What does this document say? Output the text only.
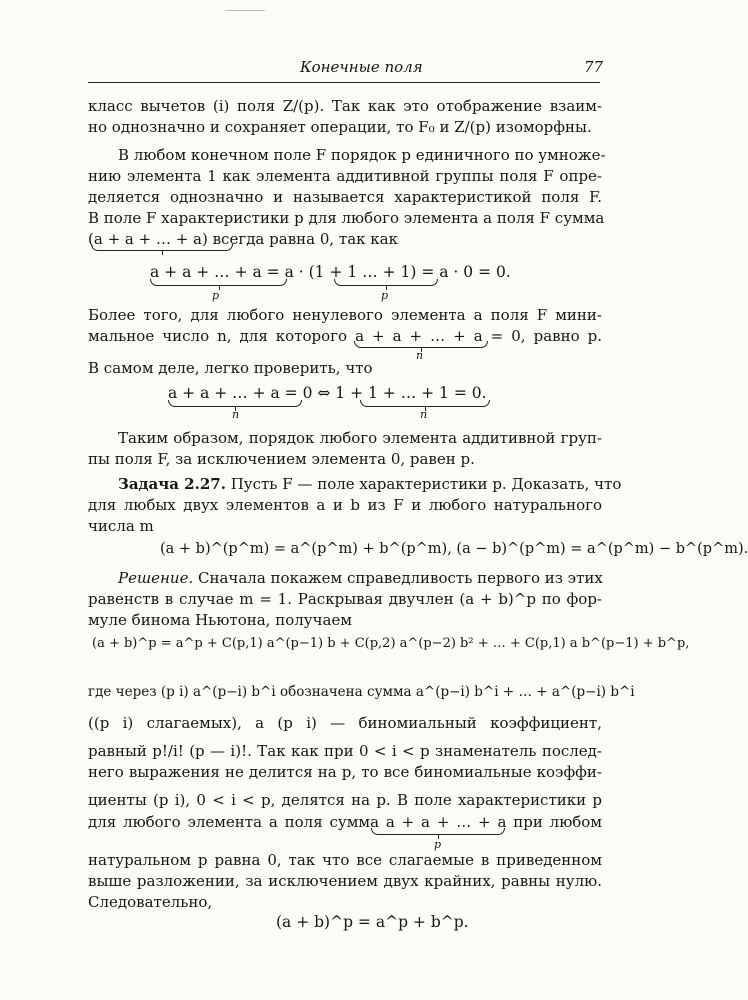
Конечные поля	77
класс вычетов (i) поля Z/(p). Так как это отображение взаим-
но однозначно и сохраняет операции, то F₀ и Z/(p) изоморфны.
В любом конечном поле F порядок p единичного по умноже-
нию элемента 1 как элемента аддитивной группы поля F опре-
деляется однозначно и называется характеристикой поля F.
В поле F характеристики p для любого элемента a поля F сумма
(a + a + … + a) всегда равна 0, так как
a + a + … + a = a · (1 + 1 … + 1) = a · 0 = 0.
p	p
Более того, для любого ненулевого элемента a поля F мини-
мальное число n, для которого a + a + … + a = 0, равно p.
n
В самом деле, легко проверить, что
a + a + … + a = 0 ⇔ 1 + 1 + … + 1 = 0.
n	n
Таким образом, порядок любого элемента аддитивной груп-
пы поля F, за исключением элемента 0, равен p.
Задача 2.27. Пусть F — поле характеристики p. Доказать, что
для любых двух элементов a и b из F и любого натурального
числа m
(a + b)^(p^m) = a^(p^m) + b^(p^m), (a − b)^(p^m) = a^(p^m) − b^(p^m).
Решение. Сначала покажем справедливость первого из этих
равенств в случае m = 1. Раскрывая двучлен (a + b)^p по фор-
муле бинома Ньютона, получаем
(a + b)^p = a^p + C(p,1) a^(p−1) b + C(p,2) a^(p−2) b² + … + C(p,1) a b^(p−1) + b^p,
где через (p i) a^(p−i) b^i обозначена сумма a^(p−i) b^i + … + a^(p−i) b^i
((p i) слагаемых), а (p i) — биномиальный коэффициент,
равный p!/i! (p — i)!. Так как при 0 < i < p знаменатель послед-
него выражения не делится на p, то все биномиальные коэффи-
циенты (p i), 0 < i < p, делятся на p. В поле характеристики p
для любого элемента a поля сумма a + a + … + a при любом
p
натуральном p равна 0, так что все слагаемые в приведенном
выше разложении, за исключением двух крайних, равны нулю.
Следовательно,
(a + b)^p = a^p + b^p.
